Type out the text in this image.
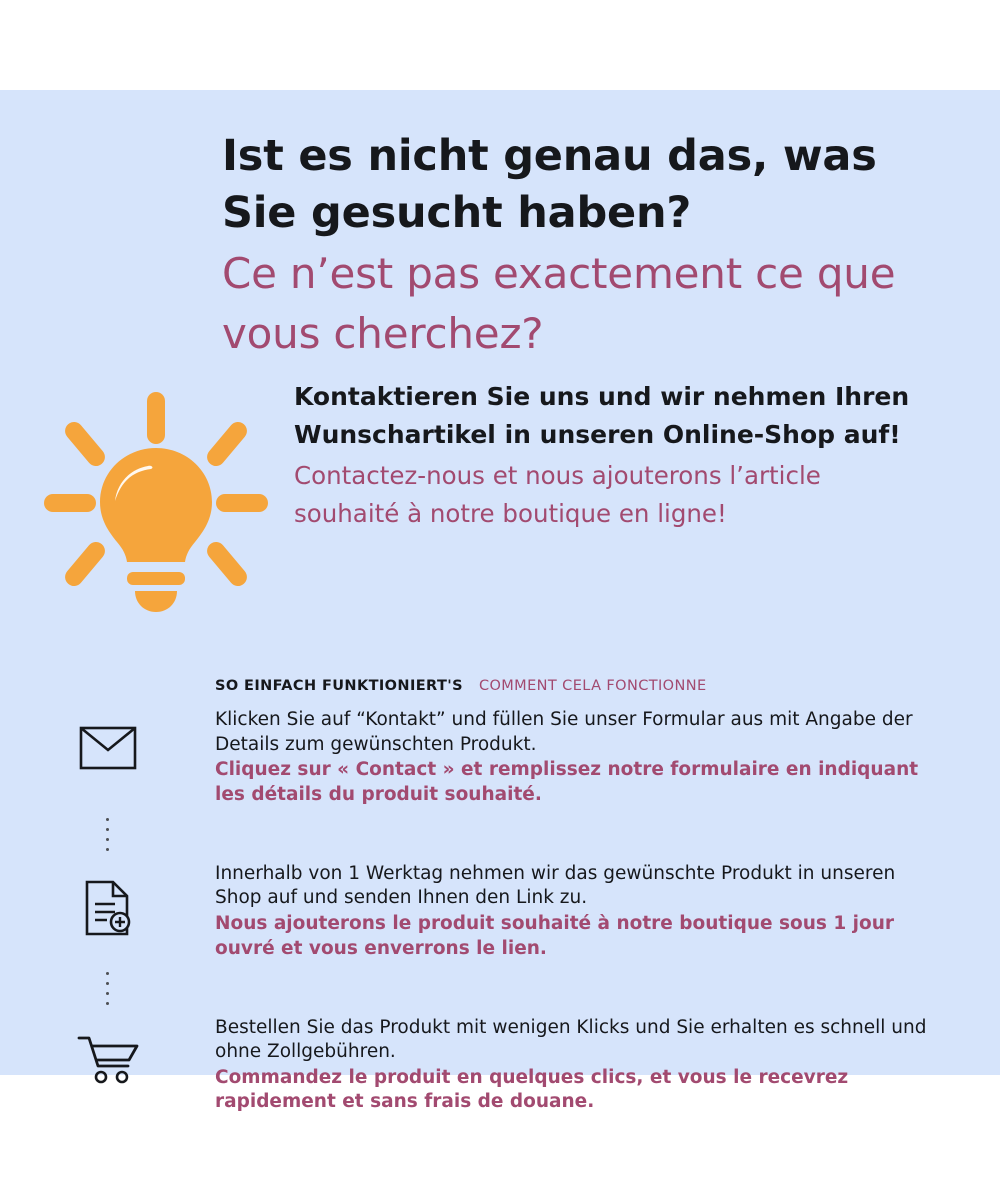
Ist es nicht genau das, was Sie gesucht haben?
Ce n’est pas exactement ce que vous cherchez?
Kontaktieren Sie uns und wir nehmen Ihren Wunschartikel in unseren Online-Shop auf!
Contactez-nous et nous ajouterons l’article souhaité à notre boutique en ligne!
SO EINFACH FUNKTIONIERT'S COMMENT CELA FONCTIONNE
Klicken Sie auf “Kontakt” und füllen Sie unser Formular aus mit Angabe der Details zum gewünschten Produkt.
Cliquez sur « Contact » et remplissez notre formulaire en indiquant les détails du produit souhaité.
Innerhalb von 1 Werktag nehmen wir das gewünschte Produkt in unseren Shop auf und senden Ihnen den Link zu.
Nous ajouterons le produit souhaité à notre boutique sous 1 jour ouvré et vous enverrons le lien.
Bestellen Sie das Produkt mit wenigen Klicks und Sie erhalten es schnell und ohne Zollgebühren.
Commandez le produit en quelques clics, et vous le recevrez rapidement et sans frais de douane.
